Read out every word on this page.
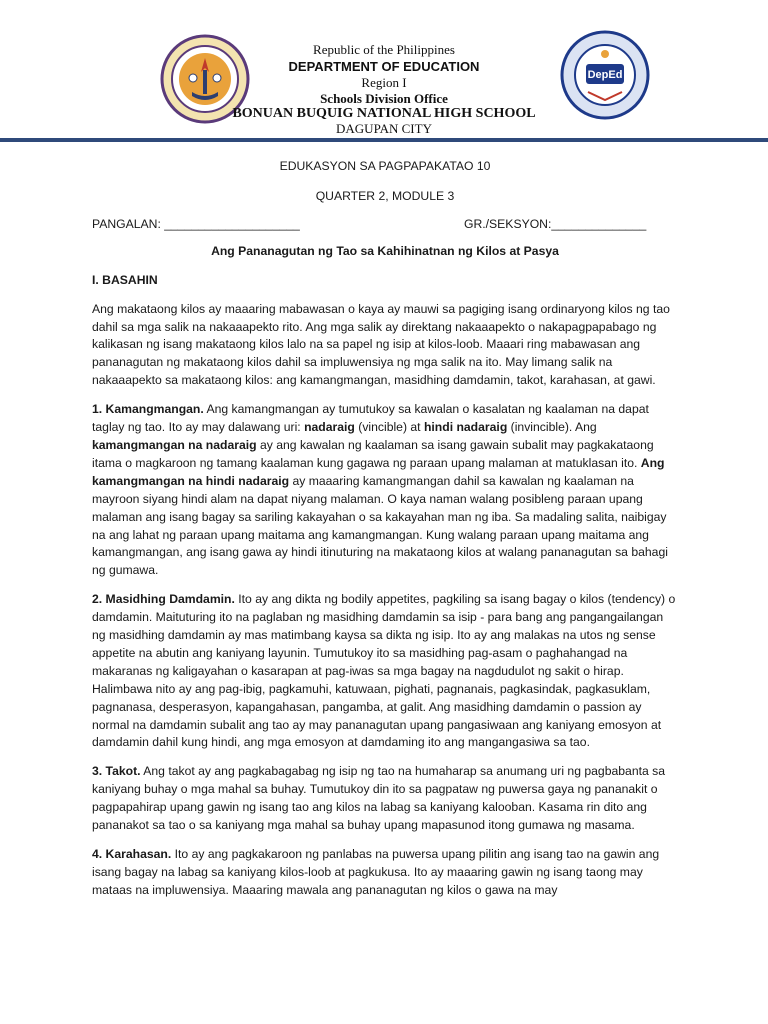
DepEd
Republic of the Philippines
DEPARTMENT OF EDUCATION
Region I
Schools Division Office
BONUAN BUQUIG NATIONAL HIGH SCHOOL
DAGUPAN CITY
EDUKASYON SA PAGPAPAKATAO 10
QUARTER 2, MODULE 3
PANGALAN: ____________________	GR./SEKSYON:______________
Ang Pananagutan ng Tao sa Kahihinatnan ng Kilos at Pasya
I. BASAHIN

Ang makataong kilos ay maaaring mabawasan o kaya ay mauwi sa pagiging isang ordinaryong kilos ng tao dahil sa mga salik na nakaaapekto rito. Ang mga salik ay direktang nakaaapekto o nakapagpapabago ng kalikasan ng isang makataong kilos lalo na sa papel ng isip at kilos-loob. Maaari ring mabawasan ang pananagutan ng makataong kilos dahil sa impluwensiya ng mga salik na ito. May limang salik na nakaaapekto sa makataong kilos: ang kamangmangan, masidhing damdamin, takot, karahasan, at gawi.

1. Kamangmangan. Ang kamangmangan ay tumutukoy sa kawalan o kasalatan ng kaalaman na dapat taglay ng tao. Ito ay may dalawang uri: nadaraig (vincible) at hindi nadaraig (invincible). Ang kamangmangan na nadaraig ay ang kawalan ng kaalaman sa isang gawain subalit may pagkakataong itama o magkaroon ng tamang kaalaman kung gagawa ng paraan upang malaman at matuklasan ito. Ang kamangmangan na hindi nadaraig ay maaaring kamangmangan dahil sa kawalan ng kaalaman na mayroon siyang hindi alam na dapat niyang malaman. O kaya naman walang posibleng paraan upang malaman ang isang bagay sa sariling kakayahan o sa kakayahan man ng iba. Sa madaling salita, naibigay na ang lahat ng paraan upang maitama ang kamangmangan. Kung walang paraan upang maitama ang kamangmangan, ang isang gawa ay hindi itinuturing na makataong kilos at walang pananagutan sa bahagi ng gumawa.

2. Masidhing Damdamin. Ito ay ang dikta ng bodily appetites, pagkiling sa isang bagay o kilos (tendency) o damdamin. Maituturing ito na paglaban ng masidhing damdamin sa isip - para bang ang pangangailangan ng masidhing damdamin ay mas matimbang kaysa sa dikta ng isip. Ito ay ang malakas na utos ng sense appetite na abutin ang kaniyang layunin. Tumutukoy ito sa masidhing pag-asam o paghahangad na makaranas ng kaligayahan o kasarapan at pag-iwas sa mga bagay na nagdudulot ng sakit o hirap. Halimbawa nito ay ang pag-ibig, pagkamuhi, katuwaan, pighati, pagnanais, pagkasindak, pagkasuklam, pagnanasa, desperasyon, kapangahasan, pangamba, at galit. Ang masidhing damdamin o passion ay normal na damdamin subalit ang tao ay may pananagutan upang pangasiwaan ang kaniyang emosyon at damdamin dahil kung hindi, ang mga emosyon at damdaming ito ang mangangasiwa sa tao.

3. Takot. Ang takot ay ang pagkabagabag ng isip ng tao na humaharap sa anumang uri ng pagbabanta sa kaniyang buhay o mga mahal sa buhay. Tumutukoy din ito sa pagpataw ng puwersa gaya ng pananakit o pagpapahirap upang gawin ng isang tao ang kilos na labag sa kaniyang kalooban. Kasama rin dito ang pananakot sa tao o sa kaniyang mga mahal sa buhay upang mapasunod itong gumawa ng masama.

4. Karahasan. Ito ay ang pagkakaroon ng panlabas na puwersa upang pilitin ang isang tao na gawin ang isang bagay na labag sa kaniyang kilos-loob at pagkukusa. Ito ay maaaring gawin ng isang taong may mataas na impluwensiya. Maaaring mawala ang pananagutan ng kilos o gawa na may
